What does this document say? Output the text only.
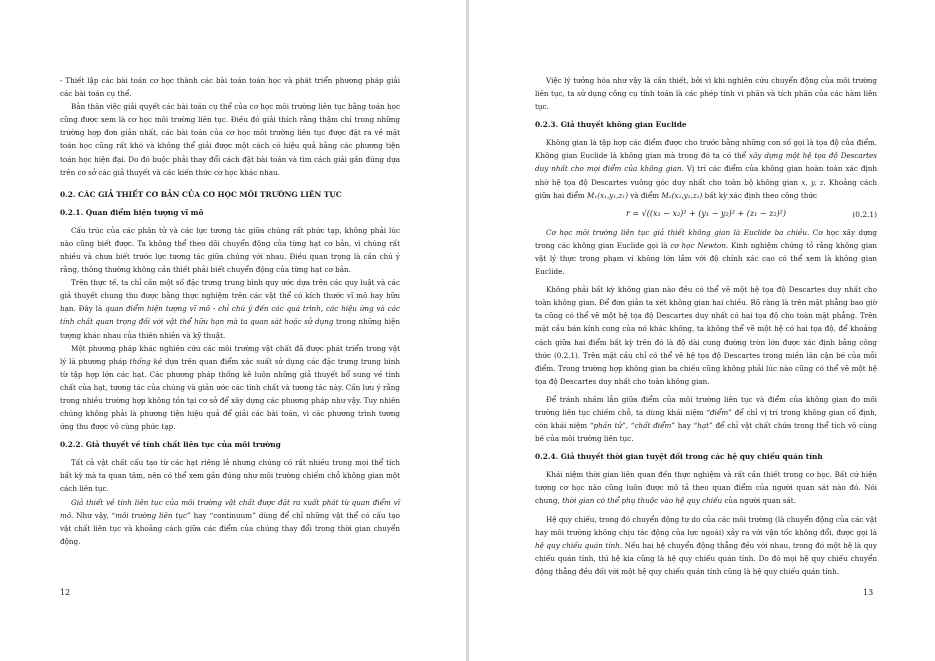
- Thiết lập các bài toán cơ học thành các bài toán toán học và phát triển phương pháp giải các bài toán cụ thể.

Bản thân việc giải quyết các bài toán cụ thể của cơ học môi trường liên tục bằng toán học cũng được xem là cơ học môi trường liên tục. Điều đó giải thích rằng thậm chí trong những trường hợp đơn giản nhất, các bài toán của cơ học môi trường liên tục được đặt ra về mặt toán học cũng rất khó và không thể giải được một cách có hiệu quả bằng các phương tiện toán học hiện đại. Do đó buộc phải thay đổi cách đặt bài toán và tìm cách giải gần đúng dựa trên cơ sở các giả thuyết và các kiến thức cơ học khác nhau.

0.2. CÁC GIẢ THIẾT CƠ BẢN CỦA CƠ HỌC MÔI TRƯỜNG LIÊN TỤC
0.2.1. Quan điểm hiện tượng vĩ mô

Cấu trúc của các phân tử và các lực tương tác giữa chúng rất phức tạp, không phải lúc nào cũng biết được. Ta không thể theo dõi chuyển động của từng hạt cơ bản, vì chúng rất nhiều và chưa biết trước lực tương tác giữa chúng với nhau. Điều quan trọng là cần chú ý rằng, thông thường không cần thiết phải biết chuyển động của từng hạt cơ bản.

Trên thực tế, ta chỉ cần một số đặc trưng trung bình quy ước dựa trên các quy luật và các giả thuyết chung thu được bằng thực nghiệm trên các vật thể có kích thước vĩ mô hay hữu hạn. Đây là quan điểm hiện tượng vĩ mô - chỉ chú ý đến các quá trình, các hiệu ứng và các tính chất quan trọng đối với vật thể hữu hạn mà ta quan sát hoặc sử dụng trong những hiện tượng khác nhau của thiên nhiên và kỹ thuật.

Một phương pháp khác nghiên cứu các môi trường vật chất đã được phát triển trong vật lý là phương pháp thống kê dựa trên quan điểm xác suất sử dụng các đặc trưng trung bình từ tập hợp lớn các hạt. Các phương pháp thống kê luôn những giả thuyết bổ sung về tính chất của hạt, tương tác của chúng và giản ước các tính chất và tương tác này. Cần lưu ý rằng trong nhiều trường hợp không tồn tại cơ sở để xây dựng các phương pháp như vậy. Tuy nhiên chúng không phải là phương tiện hiệu quả để giải các bài toán, vì các phương trình tương ứng thu được vô cùng phức tạp.

0.2.2. Giả thuyết về tính chất liên tục của môi trường

Tất cả vật chất cấu tạo từ các hạt riêng lẻ nhưng chúng có rất nhiều trong mọi thể tích bất kỳ mà ta quan tâm, nên có thể xem gần đúng như môi trường chiếm chỗ không gian một cách liên tục.

Giả thiết về tính liên tục của môi trường vật chất được đặt ra xuất phát từ quan điểm vĩ mô. Như vậy, “môi trường liên tục” hay “continuum” dùng để chỉ những vật thể có cấu tạo vật chất liên tục và khoảng cách giữa các điểm của chúng thay đổi trong thời gian chuyển động.

12

Việc lý tưởng hóa như vậy là cần thiết, bởi vì khi nghiên cứu chuyển động của môi trường liên tục, ta sử dụng công cụ tính toán là các phép tính vi phân và tích phân của các hàm liên tục.

0.2.3. Giả thuyết không gian Euclide

Không gian là tập hợp các điểm được cho trước bằng những con số gọi là tọa độ của điểm. Không gian Euclide là không gian mà trong đó ta có thể xây dựng một hệ tọa độ Descartes duy nhất cho mọi điểm của không gian. Vị trí các điểm của không gian hoàn toàn xác định nhờ hệ tọa độ Descartes vuông góc duy nhất cho toàn bộ không gian x, y, z. Khoảng cách giữa hai điểm M₁(x₁,y₁,z₁) và điểm M₂(x₂,y₂,z₂) bất kỳ xác định theo công thức

r = √((x₁ − x₂)² + (y₁ − y₂)² + (z₁ − z₂)²)	(0.2.1)

Cơ học môi trường liên tục giả thiết không gian là Euclide ba chiều. Cơ học xây dựng trong các không gian Euclide gọi là cơ học Newton. Kinh nghiệm chứng tỏ rằng không gian vật lý thực trong phạm vi không lớn lắm với độ chính xác cao có thể xem là không gian Euclide.

Không phải bất kỳ không gian nào đều có thể vẽ một hệ tọa độ Descartes duy nhất cho toàn không gian. Để đơn giản ta xét không gian hai chiều. Rõ ràng là trên mặt phẳng bao giờ ta cũng có thể vẽ một hệ tọa độ Descartes duy nhất có hai tọa độ cho toàn mặt phẳng. Trên mặt cầu bán kính cong của nó khác không, ta không thể vẽ một hệ có hai tọa độ, để khoảng cách giữa hai điểm bất kỳ trên đó là độ dài cung đường tròn lớn được xác định bằng công thức (0.2.1). Trên mặt cầu chỉ có thể vẽ hệ tọa độ Descartes trong miền lân cận bé của mỗi điểm. Trong trường hợp không gian ba chiều cũng không phải lúc nào cũng có thể vẽ một hệ tọa độ Descartes duy nhất cho toàn không gian.

Để tránh nhầm lẫn giữa điểm của môi trường liên tục và điểm của không gian đo môi trường liên tục chiếm chỗ, ta dùng khái niệm “điểm” để chỉ vị trí trong không gian cố định, còn khái niệm “phần tử”, “chất điểm” hay “hạt” để chỉ vật chất chứa trong thể tích vô cùng bé của môi trường liên tục.

0.2.4. Giả thuyết thời gian tuyệt đối trong các hệ quy chiếu quán tính

Khái niệm thời gian liên quan đến thực nghiệm và rất cần thiết trong cơ học. Bất cứ hiện tượng cơ học nào cũng luôn được mô tả theo quan điểm của người quan sát nào đó. Nói chung, thời gian có thể phụ thuộc vào hệ quy chiếu của người quan sát.

Hệ quy chiếu, trong đó chuyển động tự do của các môi trường (là chuyển động của các vật hay môi trường không chịu tác động của lực ngoài) xảy ra với vận tốc không đổi, được gọi là hệ quy chiếu quán tính. Nếu hai hệ chuyển động thẳng đều với nhau, trong đó một hệ là quy chiếu quán tính, thì hệ kia cũng là hệ quy chiếu quán tính. Do đó mọi hệ quy chiếu chuyển động thẳng đều đối với một hệ quy chiếu quán tính cũng là hệ quy chiếu quán tính.

13
